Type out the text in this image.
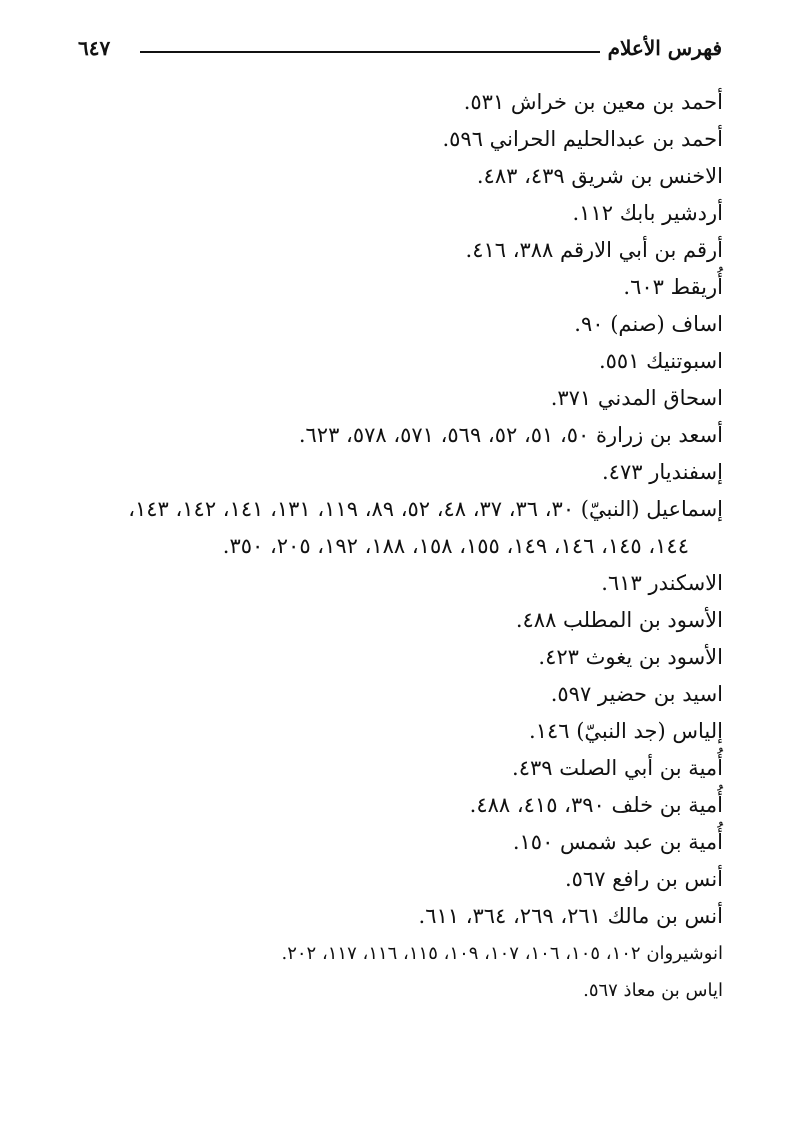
فهرس الأعلام
٦٤٧
أحمد بن معين بن خراش ٥٣١.
أحمد بن عبدالحليم الحراني ٥٩٦.
الاخنس بن شريق ٤٣٩، ٤٨٣.
أردشير بابك ١١٢.
أرقم بن أبي الارقم ٣٨٨، ٤١٦.
أُريقط ٦٠٣.
اساف (صنم) ٩٠.
اسبوتنيك ٥٥١.
اسحاق المدني ٣٧١.
أسعد بن زرارة ٥٠، ٥١، ٥٢، ٥٦٩، ٥٧١، ٥٧٨، ٦٢٣.
إسفنديار ٤٧٣.
إسماعيل (النبيّ) ٣٠، ٣٦، ٣٧، ٤٨، ٥٢، ٨٩، ١١٩، ١٣١، ١٤١، ١٤٢، ١٤٣، ١٤٤، ١٤٥، ١٤٦، ١٤٩، ١٥٥، ١٥٨، ١٨٨، ١٩٢، ٢٠٥، ٣٥٠.
الاسكندر ٦١٣.
الأسود بن المطلب ٤٨٨.
الأسود بن يغوث ٤٢٣.
اسيد بن حضير ٥٩٧.
إلياس (جد النبيّ) ١٤٦.
أُمية بن أبي الصلت ٤٣٩.
أُمية بن خلف ٣٩٠، ٤١٥، ٤٨٨.
أُمية بن عبد شمس ١٥٠.
أنس بن رافع ٥٦٧.
أنس بن مالك ٢٦١، ٢٦٩، ٣٦٤، ٦١١.
انوشيروان ١٠٢، ١٠٥، ١٠٦، ١٠٧، ١٠٩، ١١٥، ١١٦، ١١٧، ٢٠٢.
اياس بن معاذ ٥٦٧.
